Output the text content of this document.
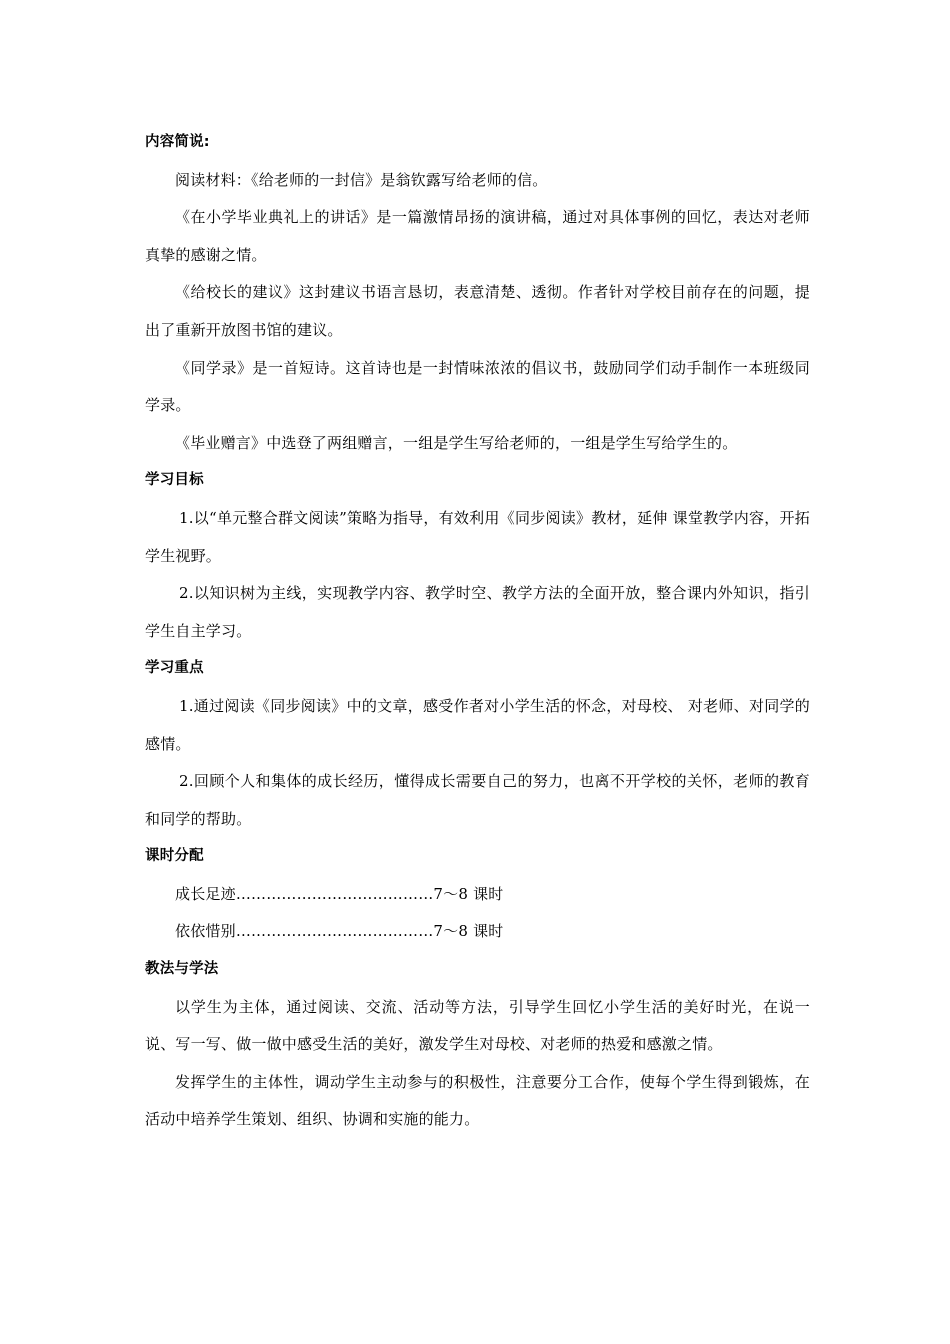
内容简说:

阅读材料：《给老师的一封信》是翁钦露写给老师的信。

《在小学毕业典礼上的讲话》是一篇激情昂扬的演讲稿，通过对具体事例的回忆，表达对老师真挚的感谢之情。

《给校长的建议》这封建议书语言恳切，表意清楚、透彻。作者针对学校目前存在的问题，提出了重新开放图书馆的建议。

《同学录》是一首短诗。这首诗也是一封情味浓浓的倡议书，鼓励同学们动手制作一本班级同学录。

《毕业赠言》中选登了两组赠言，一组是学生写给老师的，一组是学生写给学生的。

学习目标

1.以“单元整合群文阅读”策略为指导，有效利用《同步阅读》教材，延伸 课堂教学内容，开拓学生视野。

2.以知识树为主线，实现教学内容、教学时空、教学方法的全面开放，整合课内外知识，指引学生自主学习。

学习重点

1.通过阅读《同步阅读》中的文章，感受作者对小学生活的怀念，对母校、 对老师、对同学的感情。

2.回顾个人和集体的成长经历，懂得成长需要自己的努力，也离不开学校的关怀，老师的教育和同学的帮助。

课时分配

成长足迹…………………………………7～8 课时

依依惜别…………………………………7～8 课时

教法与学法

以学生为主体，通过阅读、交流、活动等方法，引导学生回忆小学生活的美好时光，在说一说、写一写、做一做中感受生活的美好，激发学生对母校、对老师的热爱和感激之情。

发挥学生的主体性，调动学生主动参与的积极性，注意要分工合作，使每个学生得到锻炼，在活动中培养学生策划、组织、协调和实施的能力。
